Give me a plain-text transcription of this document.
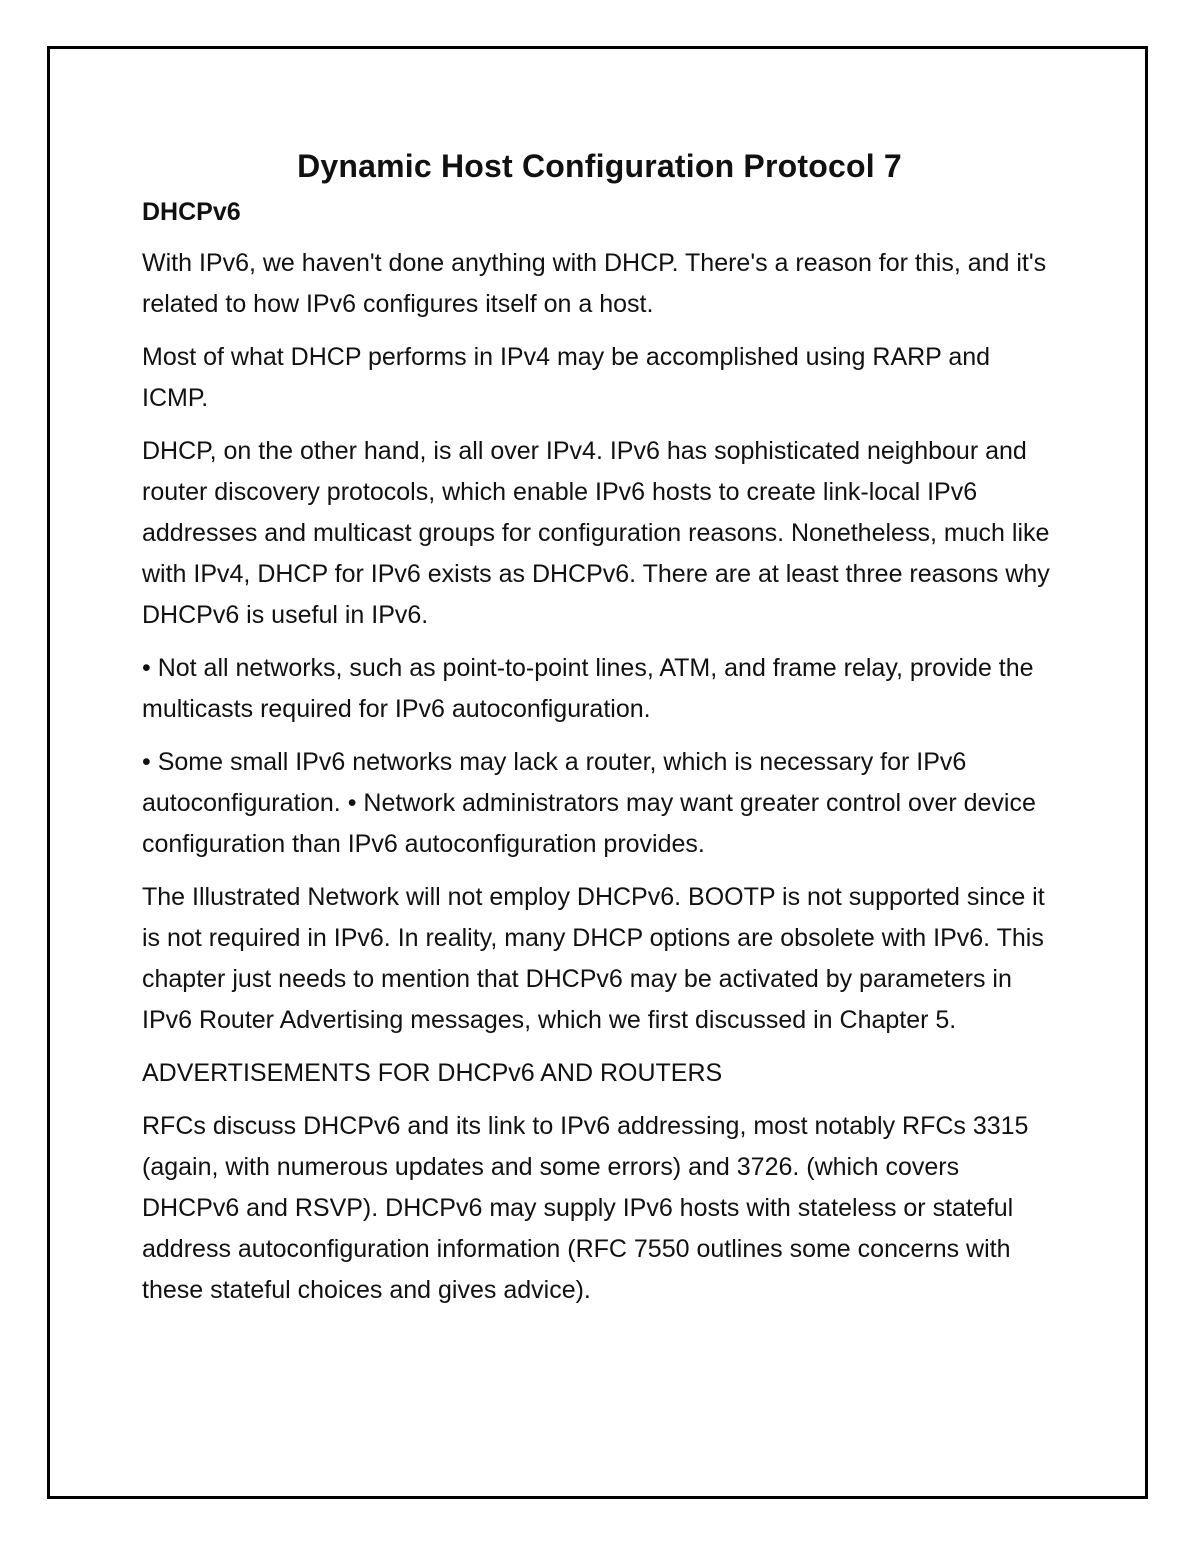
Dynamic Host Configuration Protocol 7
DHCPv6

With IPv6, we haven't done anything with DHCP. There's a reason for this, and it's related to how IPv6 configures itself on a host.

Most of what DHCP performs in IPv4 may be accomplished using RARP and ICMP.

DHCP, on the other hand, is all over IPv4. IPv6 has sophisticated neighbour and router discovery protocols, which enable IPv6 hosts to create link-local IPv6 addresses and multicast groups for configuration reasons. Nonetheless, much like with IPv4, DHCP for IPv6 exists as DHCPv6. There are at least three reasons why DHCPv6 is useful in IPv6.

• Not all networks, such as point-to-point lines, ATM, and frame relay, provide the multicasts required for IPv6 autoconfiguration.

• Some small IPv6 networks may lack a router, which is necessary for IPv6 autoconfiguration. • Network administrators may want greater control over device configuration than IPv6 autoconfiguration provides.

The Illustrated Network will not employ DHCPv6. BOOTP is not supported since it is not required in IPv6. In reality, many DHCP options are obsolete with IPv6. This chapter just needs to mention that DHCPv6 may be activated by parameters in IPv6 Router Advertising messages, which we first discussed in Chapter 5.

ADVERTISEMENTS FOR DHCPv6 AND ROUTERS

RFCs discuss DHCPv6 and its link to IPv6 addressing, most notably RFCs 3315 (again, with numerous updates and some errors) and 3726. (which covers DHCPv6 and RSVP). DHCPv6 may supply IPv6 hosts with stateless or stateful address autoconfiguration information (RFC 7550 outlines some concerns with these stateful choices and gives advice).
